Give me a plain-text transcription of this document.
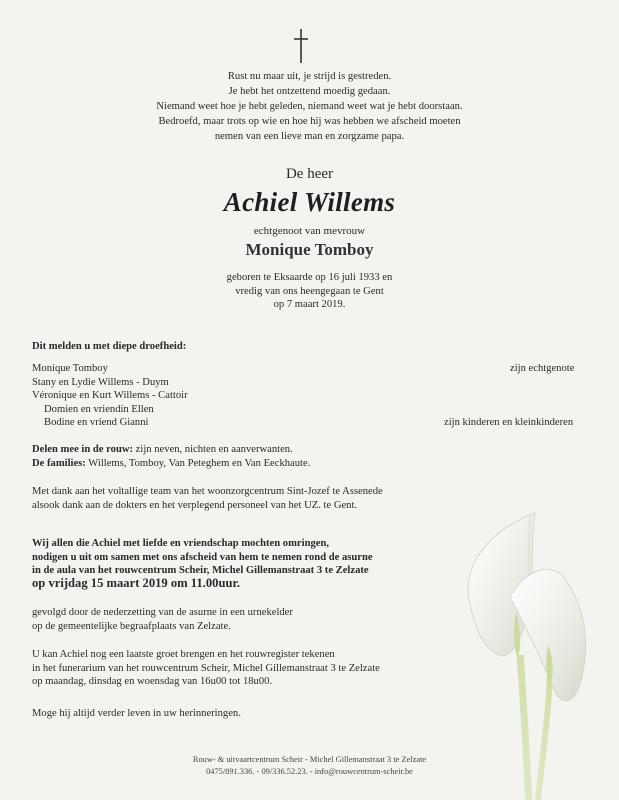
Rust nu maar uit, je strijd is gestreden.
Je hebt het ontzettend moedig gedaan.
Niemand weet hoe je hebt geleden, niemand weet wat je hebt doorstaan.
Bedroefd, maar trots op wie en hoe hij was hebben we afscheid moeten
nemen van een lieve man en zorgzame papa.
De heer
Achiel Willems
echtgenoot van mevrouw
Monique Tomboy
geboren te Eksaarde op 16 juli 1933 en
vredig van ons heengegaan te Gent
op 7 maart 2019.
Dit melden u met diepe droefheid:
Monique Tomboy	zijn echtgenote
Stany en Lydie Willems - Duym
Véronique en Kurt Willems - Cattoir
Domien en vriendin Ellen
Bodine en vriend Gianni	zijn kinderen en kleinkinderen
Delen mee in de rouw: zijn neven, nichten en aanverwanten.
De families: Willems, Tomboy, Van Peteghem en Van Eeckhaute.
Met dank aan het voltallige team van het woonzorgcentrum Sint-Jozef te Assenede
alsook dank aan de dokters en het verplegend personeel van het UZ. te Gent.
Wij allen die Achiel met liefde en vriendschap mochten omringen,
nodigen u uit om samen met ons afscheid van hem te nemen rond de asurne
in de aula van het rouwcentrum Scheir, Michel Gillemanstraat 3 te Zelzate
op vrijdag 15 maart 2019 om 11.00uur.
gevolgd door de nederzetting van de asurne in een urnekelder
op de gemeentelijke begraafplaats van Zelzate.
U kan Achiel nog een laatste groet brengen en het rouwregister tekenen
in het funerarium van het rouwcentrum Scheir, Michel Gillemanstraat 3 te Zelzate
op maandag, dinsdag en woensdag van 16u00 tot 18u00.
Moge hij altijd verder leven in uw herinneringen.
Rouw- & uitvaartcentrum Scheir - Michel Gillemanstraat 3 te Zelzate
0475/891.336. - 09/336.52.23. - info@rouwcentrum-scheir.be
